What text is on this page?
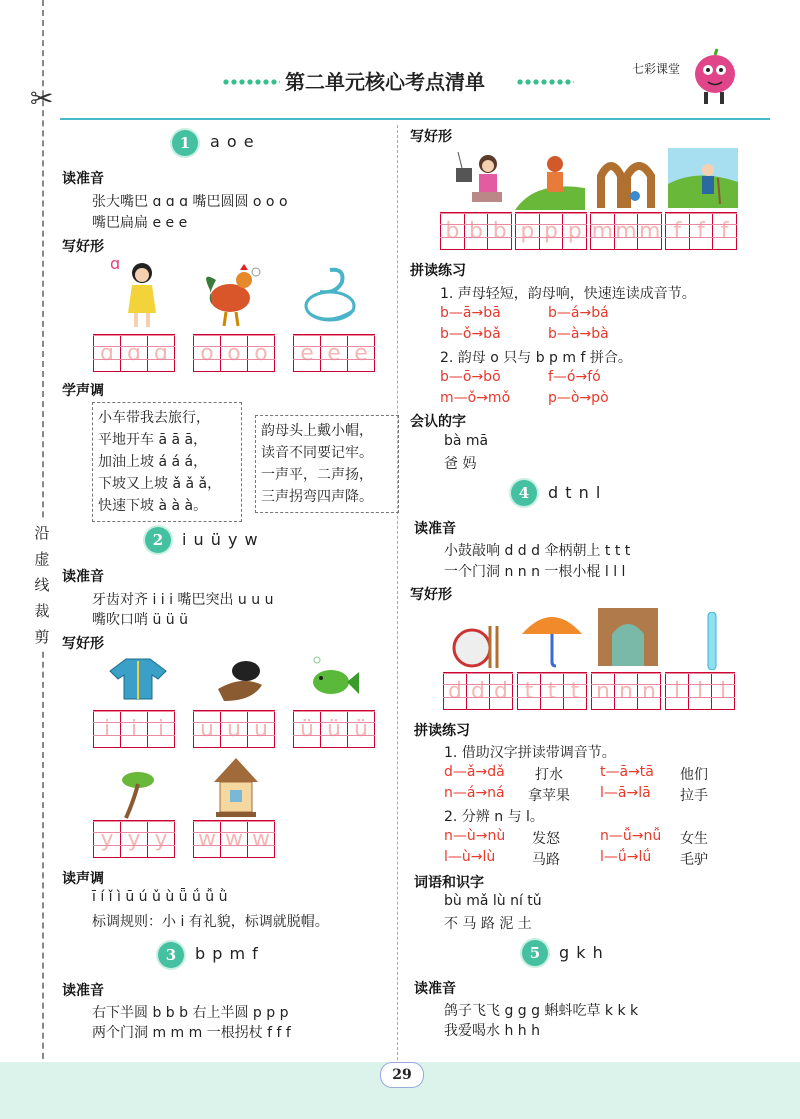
✂
沿
虚
线
裁
剪
第二单元核心考点清单
七彩课堂
1	a o e
读准音
张大嘴巴 ɑ ɑ ɑ 嘴巴圆圆 o o o
嘴巴扁扁 e e e
写好形
ɑ
ɑ ɑ ɑ o o o e e e
学声调
小车带我去旅行，
平地开车 ā ā ā，
加油上坡 á á á，
下坡又上坡 ǎ ǎ ǎ，
快速下坡 à à à。
韵母头上戴小帽，
读音不同要记牢。
一声平，二声扬，
三声拐弯四声降。
2	i u ü y w
读准音
牙齿对齐 i i i 嘴巴突出 u u u
嘴吹口哨 ü ü ü
写好形
i i i	u u u ü ü ü
y y y w w w
读声调
ī í ǐ ì ū ú ǔ ù ǖ ǘ ǚ ǜ
标调规则：小 i 有礼貌，标调就脱帽。
3	b p m f
读准音
右下半圆 b b b 右上半圆 p p p
两个门洞 m m m 一根拐杖 f f f
写好形
b b b p p p m m m f f f
拼读练习
1. 声母轻短，韵母响，快速连读成音节。
b—ā→bā	b—á→bá
b—ǒ→bǎ	b—à→bà
2. 韵母 o 只与 b p m f 拼合。
b—ō→bō	f—ó→fó
m—ǒ→mǒ	p—ò→pò
会认的字
bà mā
爸 妈
4	d t n l
读准音
小鼓敲响 d d d 伞柄朝上 t t t
一个门洞 n n n 一根小棍 l l l
写好形
d d d t t t n n n l l l
拼读练习
1. 借助汉字拼读带调音节。
d—ǎ→dǎ 打水	t—ā→tā 他们
n—á→ná 拿苹果 l—ā→lā 拉手
2. 分辨 n 与 l。
n—ù→nù 发怒	n—ǚ→nǚ 女生
l—ù→lù	马路	l—ǘ→lǘ 毛驴
词语和识字
bù mǎ lù ní tǔ
不 马 路 泥 土
5	g k h
读准音
鸽子飞飞 g g g 蝌蚪吃草 k k k
我爱喝水 h h h
29
